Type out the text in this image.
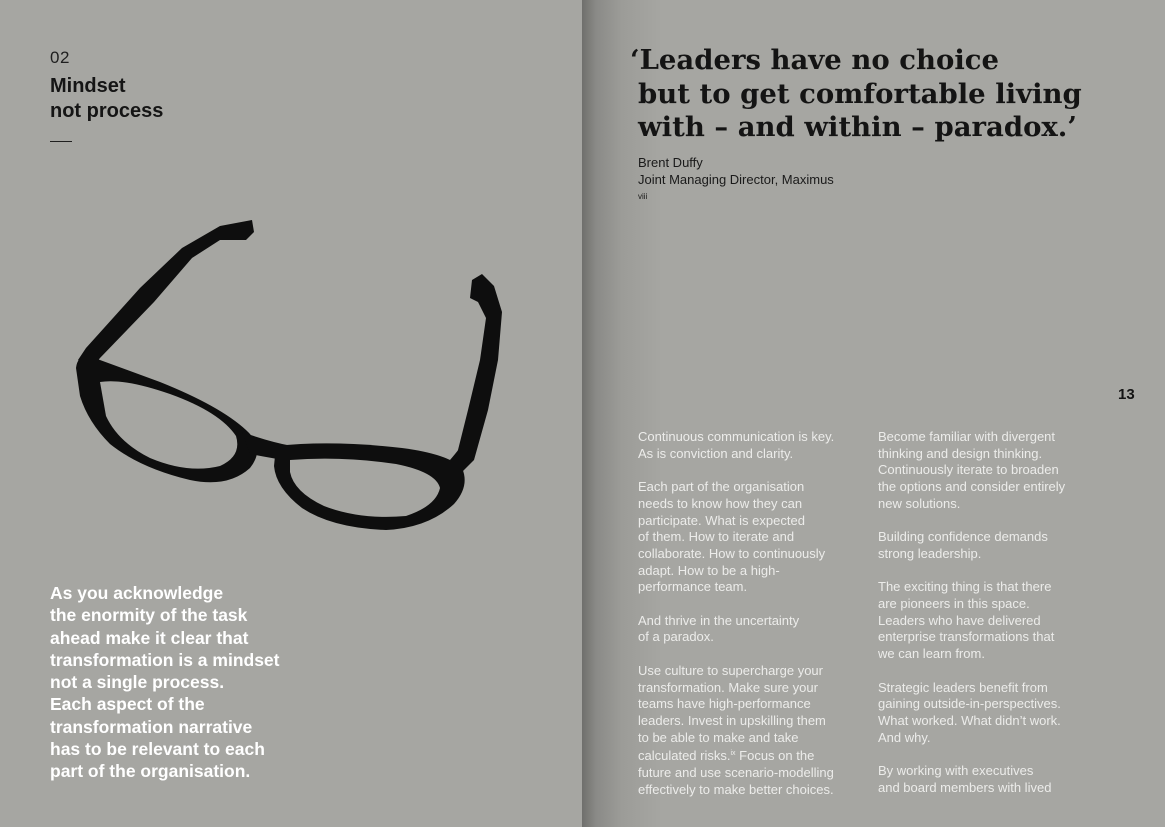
02
Mindset
not process
As you acknowledge
the enormity of the task
ahead make it clear that
transformation is a mindset
not a single process.
Each aspect of the
transformation narrative
has to be relevant to each
part of the organisation.
‘Leaders have no choice
but to get comfortable living
with – and within – paradox.’
Brent Duffy
Joint Managing Director, Maximus
$^{viii}$
13

Continuous communication is key.
As is conviction and clarity.

Each part of the organisation
needs to know how they can
participate. What is expected
of them. How to iterate and
collaborate. How to continuously
adapt. How to be a high-
performance team.

And thrive in the uncertainty
of a paradox.

Use culture to supercharge your
transformation. Make sure your
teams have high-performance
leaders. Invest in upskilling them
to be able to make and take
calculated risks.$^{ix}$ Focus on the
future and use scenario-modelling
effectively to make better choices.

Become familiar with divergent
thinking and design thinking.
Continuously iterate to broaden
the options and consider entirely
new solutions.

Building confidence demands
strong leadership.

The exciting thing is that there
are pioneers in this space.
Leaders who have delivered
enterprise transformations that
we can learn from.

Strategic leaders benefit from
gaining outside-in-perspectives.
What worked. What didn’t work.
And why.

By working with executives
and board members with lived
